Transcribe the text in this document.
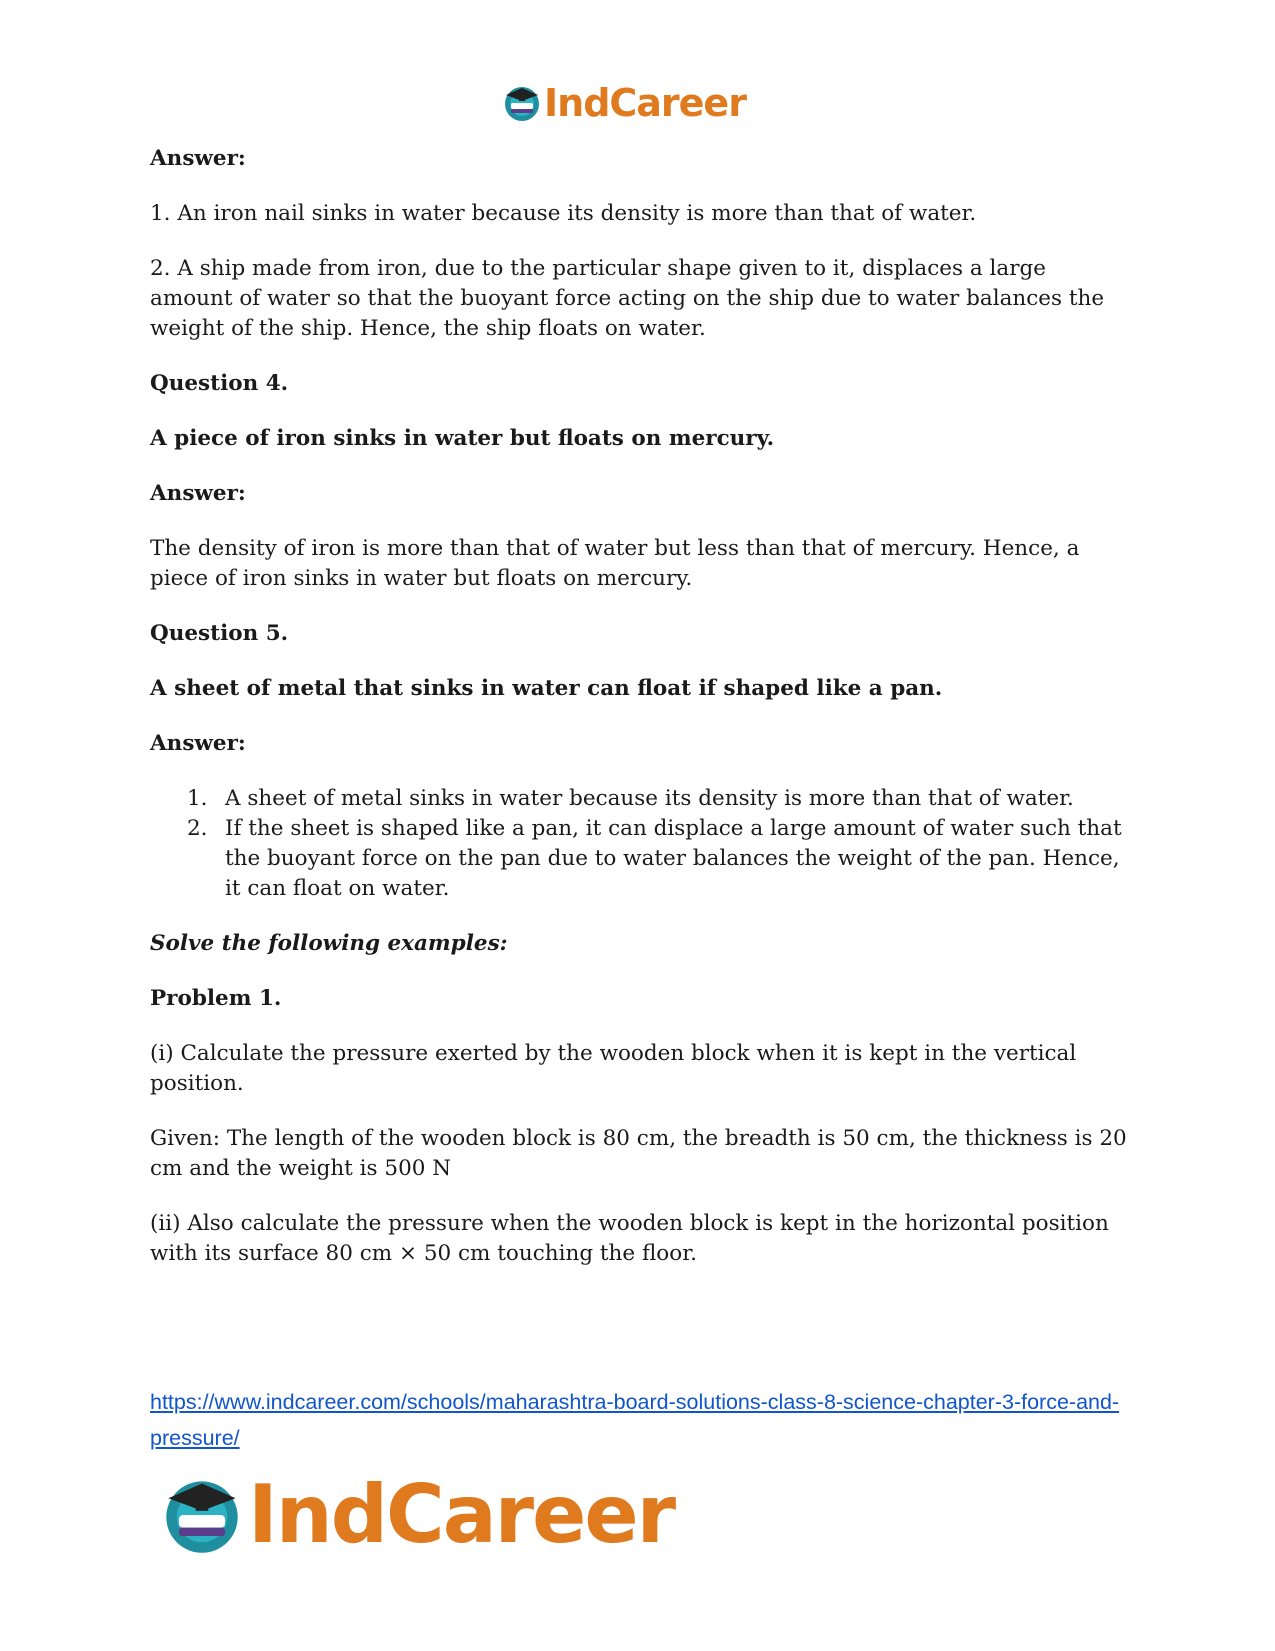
IndCareer

Answer:

1. An iron nail sinks in water because its density is more than that of water.

2. A ship made from iron, due to the particular shape given to it, displaces a large amount of water so that the buoyant force acting on the ship due to water balances the weight of the ship. Hence, the ship floats on water.

Question 4.

A piece of iron sinks in water but floats on mercury.

Answer:

The density of iron is more than that of water but less than that of mercury. Hence, a piece of iron sinks in water but floats on mercury.

Question 5.

A sheet of metal that sinks in water can float if shaped like a pan.

Answer:

1. A sheet of metal sinks in water because its density is more than that of water.
2. If the sheet is shaped like a pan, it can displace a large amount of water such that the buoyant force on the pan due to water balances the weight of the pan. Hence, it can float on water.

Solve the following examples:

Problem 1.

(i) Calculate the pressure exerted by the wooden block when it is kept in the vertical position.

Given: The length of the wooden block is 80 cm, the breadth is 50 cm, the thickness is 20 cm and the weight is 500 N

(ii) Also calculate the pressure when the wooden block is kept in the horizontal position with its surface 80 cm × 50 cm touching the floor.

https://www.indcareer.com/schools/maharashtra-board-solutions-class-8-science-chapter-3-force-and-pressure/
IndCareer
